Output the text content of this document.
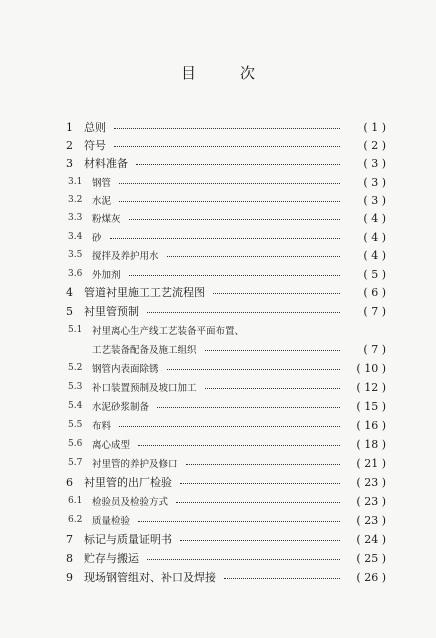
目	次
1 总则	( 1 )
2 符号	( 2 )
3 材料准备	( 3 )
3.1 钢管	( 3 )
3.2 水泥	( 3 )
3.3 粉煤灰	( 4 )
3.4 砂	( 4 )
3.5 搅拌及养护用水	( 4 )
3.6 外加剂	( 5 )
4 管道衬里施工工艺流程图	( 6 )
5 衬里管预制	( 7 )
5.1 衬里离心生产线工艺装备平面布置、
工艺装备配备及施工组织	( 7 )
5.2 钢管内表面除锈	( 10 )
5.3 补口装置预制及坡口加工	( 12 )
5.4 水泥砂浆制备	( 15 )
5.5 布料	( 16 )
5.6 离心成型	( 18 )
5.7 衬里管的养护及修口	( 21 )
6 衬里管的出厂检验	( 23 )
6.1 检验员及检验方式	( 23 )
6.2 质量检验	( 23 )
7 标记与质量证明书	( 24 )
8 贮存与搬运	( 25 )
9 现场钢管组对、补口及焊接	( 26 )
